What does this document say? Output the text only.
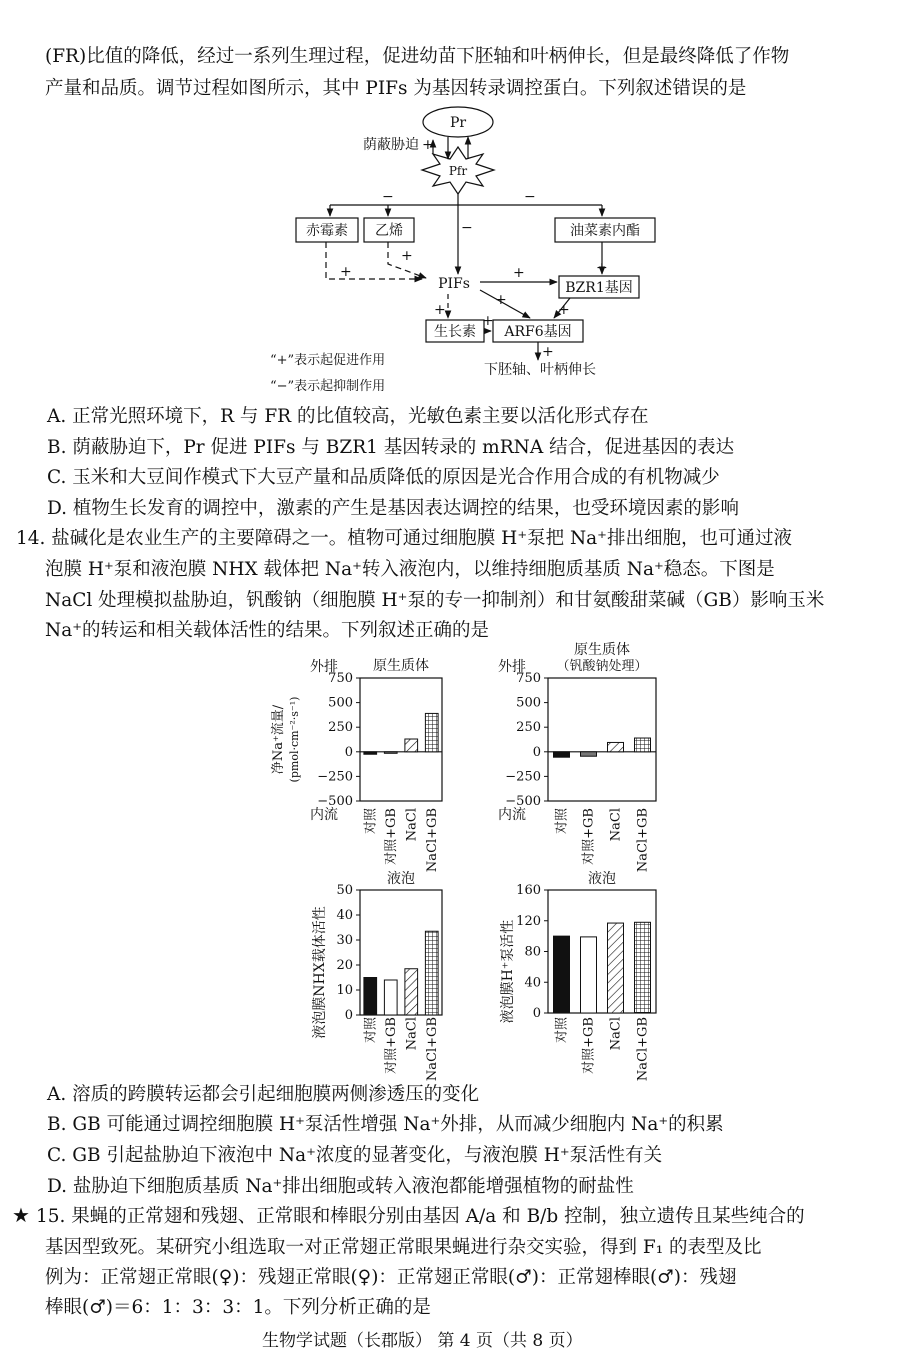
(FR)比值的降低，经过一系列生理过程，促进幼苗下胚轴和叶柄伸长，但是最终降低了作物
产量和品质。调节过程如图所示，其中 PIFs 为基因转录调控蛋白。下列叙述错误的是
Pr
Pfr
荫蔽胁迫 +
赤霉素 乙烯	油菜素内酯
PIFs	BZR1基因
生长素 ARF6基因
下胚轴、叶柄伸长
−	−
−
+
+
+	+
+
+
+
+
+
“+”表示起促进作用
“−”表示起抑制作用
A. 正常光照环境下，R 与 FR 的比值较高，光敏色素主要以活化形式存在
B. 荫蔽胁迫下，Pr 促进 PIFs 与 BZR1 基因转录的 mRNA 结合，促进基因的表达
C. 玉米和大豆间作模式下大豆产量和品质降低的原因是光合作用合成的有机物减少
D. 植物生长发育的调控中，激素的产生是基因表达调控的结果，也受环境因素的影响
14. 盐碱化是农业生产的主要障碍之一。植物可通过细胞膜 H⁺泵把 Na⁺排出细胞，也可通过液
泡膜 H⁺泵和液泡膜 NHX 载体把 Na⁺转入液泡内，以维持细胞质基质 Na⁺稳态。下图是
NaCl 处理模拟盐胁迫，钒酸钠（细胞膜 H⁺泵的专一抑制剂）和甘氨酸甜菜碱（GB）影响玉米
Na⁺的转运和相关载体活性的结果。下列叙述正确的是
750
500
250
0
−250
−500
对照 对照+GB NaCl NaCl+GB
原生质体
外排
内流
净Na⁺流量/ (pmol·cm⁻²·s⁻¹)
750
500
250
0
−250
−500
对照 对照+GB NaCl NaCl+GB
原生质体
（钒酸钠处理）
外排
内流
50
40
30
20
10
0
对照 对照+GB NaCl NaCl+GB
液泡
液泡膜NHX载体活性
160
120
80
40
0
对照 对照+GB NaCl NaCl+GB
液泡
液泡膜H⁺泵活性
A. 溶质的跨膜转运都会引起细胞膜两侧渗透压的变化
B. GB 可能通过调控细胞膜 H⁺泵活性增强 Na⁺外排，从而减少细胞内 Na⁺的积累
C. GB 引起盐胁迫下液泡中 Na⁺浓度的显著变化，与液泡膜 H⁺泵活性有关
D. 盐胁迫下细胞质基质 Na⁺排出细胞或转入液泡都能增强植物的耐盐性
★ 15. 果蝇的正常翅和残翅、正常眼和棒眼分别由基因 A/a 和 B/b 控制，独立遗传且某些纯合的
基因型致死。某研究小组选取一对正常翅正常眼果蝇进行杂交实验，得到 F₁ 的表型及比
例为：正常翅正常眼(♀)：残翅正常眼(♀)：正常翅正常眼(♂)：正常翅棒眼(♂)：残翅
棒眼(♂)＝6：1：3：3：1。下列分析正确的是
生物学试题（长郡版） 第 4 页（共 8 页）
